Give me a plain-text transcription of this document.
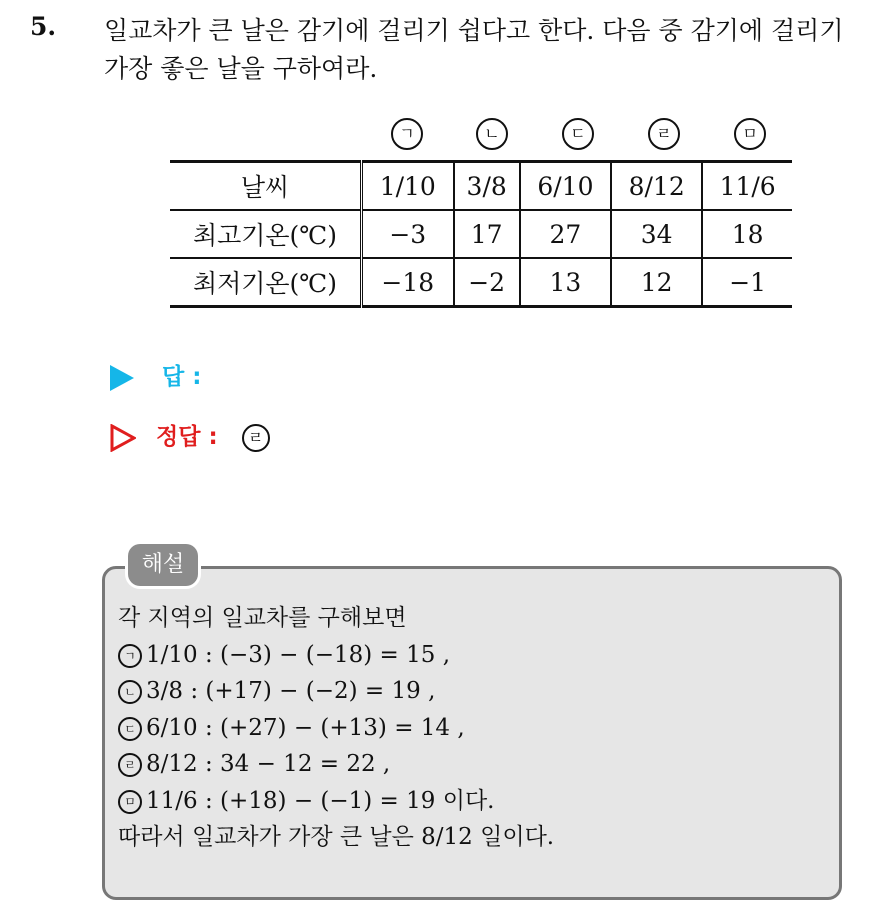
5. 일교차가 큰 날은 감기에 걸리기 쉽다고 한다. 다음 중 감기에 걸리기 가장 좋은 날을 구하여라.
ㄱ	ㄴ	ㄷ	ㄹ	ㅁ
날씨	1/10	3/8	6/10	8/12	11/6
최고기온(℃)	−3	17	27	34	18
최저기온(℃)	−18	−2	13	12	−1
답 :
정답 : ㄹ
해설
각 지역의 일교차를 구해보면
ㄱ 1/10 : (−3) − (−18) = 15 ,
ㄴ 3/8 : (+17) − (−2) = 19 ,
ㄷ 6/10 : (+27) − (+13) = 14 ,
ㄹ 8/12 : 34 − 12 = 22 ,
ㅁ 11/6 : (+18) − (−1) = 19 이다.
따라서 일교차가 가장 큰 날은 8/12 일이다.
